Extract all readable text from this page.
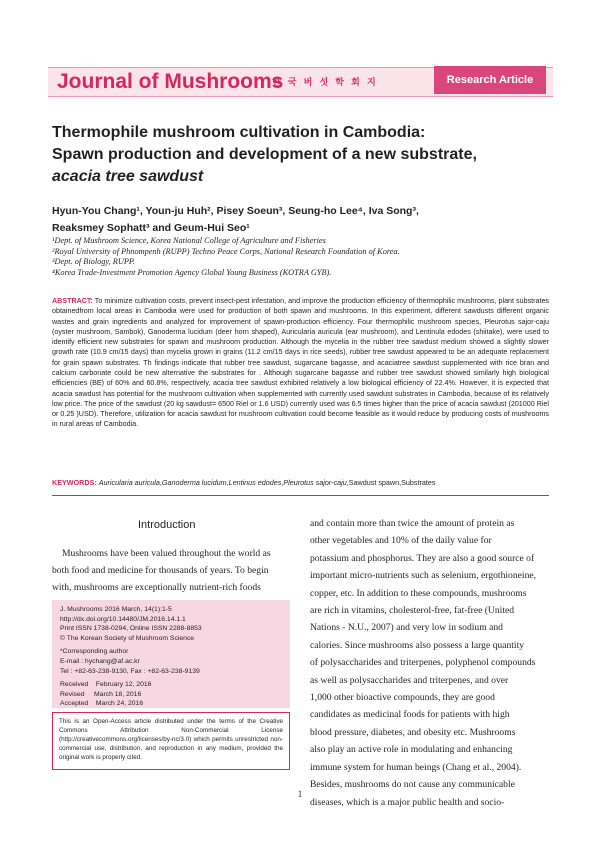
Journal of Mushrooms
한 국 버 섯 학 회 지	Research Article
Thermophile mushroom cultivation in Cambodia:
Spawn production and development of a new substrate,
acacia tree sawdust
Hyun-You Chang¹, Youn-ju Huh², Pisey Soeun³, Seung-ho Lee⁴, Iva Song³,
Reaksmey Sophatt³ and Geum-Hui Seo¹
¹Dept. of Mushroom Science, Korea National College of Agriculture and Fisheries
²Royal University of Phnompenh (RUPP) Techno Peace Corps, National Research Foundation of Korea.
³Dept. of Biology, RUPP.
⁴Korea Trade-Investment Promotion Agency Global Young Business (KOTRA GYB).
ABSTRACT: To minimize cultivation costs, prevent insect-pest infestation, and improve the production efficiency of thermophilic mushrooms, plant substrates obtainedfrom local areas in Cambodia were used for production of both spawn and mushrooms. In this experiment, different sawdusts different organic wastes and grain ingredients and analyzed for improvement of spawn-production efficiency. Four thermophilic mushroom species, Pleurotus sajor-caju (oyster mushroom, Sambok), Ganoderma lucidum (deer horn shaped), Auricularia auricula (ear mushroom), and Lentinula edodes (shiitake), were used to identify efficient new substrates for spawn and mushroom production. Although the mycelia in the rubber tree sawdust medium showed a slightly slower growth rate (10.9 cm/15 days) than mycelia grown in grains (11.2 cm/15 days in rice seeds), rubber tree sawdust appeared to be an adequate replacement for grain spawn substrates. Th findings indicate that rubber tree sawdust, sugarcane bagasse, and acaciatree sawdust supplemented with rice bran and calcium carbonate could be new alternative the substrates for . Although sugarcane bagasse and rubber tree sawdust showed similarly high biological efficiencies (BE) of 60% and 60.8%, respectively, acacia tree sawdust exhibited relatively a low biological efficiency of 22.4%. However, it is expected that acacia sawdust has potential for the mushroom cultivation when supplemented with currently used sawdust substrates in Cambodia, because of its relatively low price. The price of the sawdust (20 kg sawdust= 6500 Riel or 1.6 USD) currently used was 6.5 times higher than the price of acacia sawdust (201000 Riel or 0.25 )USD). Therefore, utilization for acacia sawdust for mushroom cultivation could become feasible as it would reduce by producing costs of mushrooms in rural areas of Cambodia.
KEYWORDS: Auricularia auricula,Ganoderma lucidum,Lentinus edodes,Pleurotus sajor-caju,Sawdust spawn,Substrates
Introduction
Mushrooms have been valued throughout the world as
both food and medicine for thousands of years. To begin
with, mushrooms are exceptionally nutrient-rich foods
J. Mushrooms 2016 March, 14(1):1-5
http://dx.doi.org/10.14480/JM.2016.14.1.1
Print ISSN 1738-0294, Online ISSN 2288-8853
© The Korean Society of Mushroom Science
*Corresponding author
E-mail : hychang@af.ac.kr
Tel : +82-63-238-9130, Fax : +82-63-238-9139
Received    February 12, 2016
Revised     March 18, 2016
Accepted    March 24, 2016
This is an Open-Access article distributed under the terms of the Creative Commons Attribution Non-Commercial License (http://creativecommons.org/licenses/by-nc/3.0) which permits unrestricted non-commercial use, distribution, and reproduction in any medium, provided the original work is properly cited.
and contain more than twice the amount of protein as
other vegetables and 10% of the daily value for
potassium and phosphorus. They are also a good source of
important micro-nutrients such as selenium, ergothioneine,
copper, etc. In addition to these compounds, mushrooms
are rich in vitamins, cholesterol-free, fat-free (United
Nations - N.U., 2007) and very low in sodium and
calories. Since mushrooms also possess a large quantity
of polysaccharides and triterpenes, polyphenol compounds
as well as polysaccharides and triterpenes, and over
1,000 other bioactive compounds, they are good
candidates as medicinal foods for patients with high
blood pressure, diabetes, and obesity etc. Mushrooms
also play an active role in modulating and enhancing
immune system for human beings (Chang et al., 2004).
Besides, mushrooms do not cause any communicable
diseases, which is a major public health and socio-
1
